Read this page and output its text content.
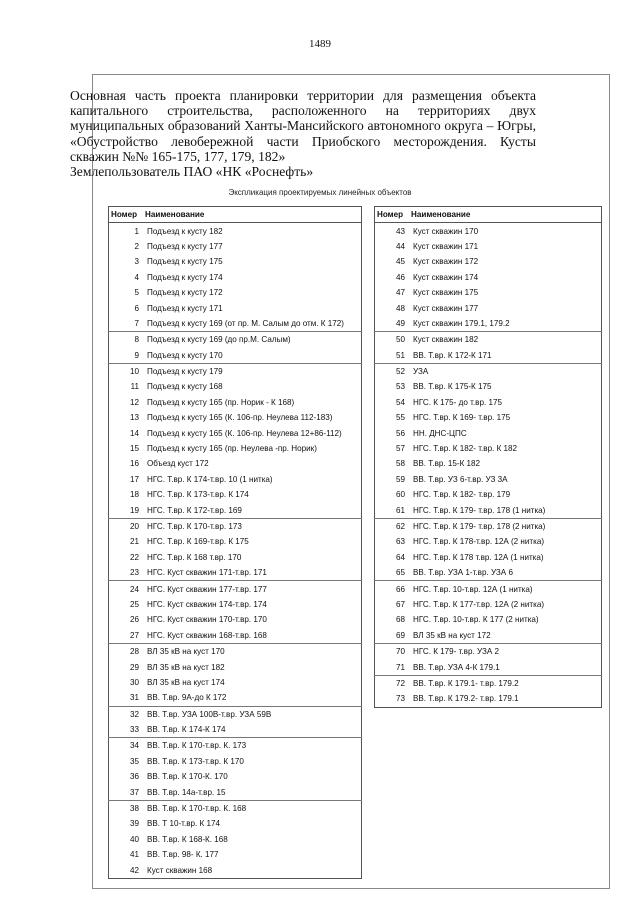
1489
Основная часть проекта планировки территории для размещения объекта
капитального строительства, расположенного на территориях двух
муниципальных образований Ханты-Мансийского автономного округа – Югры,
«Обустройство левобережной части Приобского месторождения. Кусты
скважин №№ 165-175, 177, 179, 182»
Землепользователь ПАО «НК «Роснефть»
Экспликация проектируемых линейных объектов
Номер	Наименование
1	Подъезд к кусту 182
2	Подъезд к кусту 177
3	Подъезд к кусту 175
4	Подъезд к кусту 174
5	Подъезд к кусту 172
6	Подъезд к кусту 171
7	Подъезд к кусту 169 (от пр. М. Салым до отм. К 172)
8	Подъезд к кусту 169 (до пр.М. Салым)
9	Подъезд к кусту 170
10	Подъезд к кусту 179
11	Подъезд к кусту 168
12	Подъезд к кусту 165 (пр. Норик - К 168)
13	Подъезд к кусту 165 (К. 106-пр. Неулева 112-183)
14	Подъезд к кусту 165 (К. 106-пр. Неулева 12+86-112)
15	Подъезд к кусту 165 (пр. Неулева -пр. Норик)
16	Объезд куст 172
17	НГС. Т.вр. К 174-т.вр. 10 (1 нитка)
18	НГС. Т.вр. К 173-т.вр. К 174
19	НГС. Т.вр. К 172-т.вр. 169
20	НГС. Т.вр. К 170-т.вр. 173
21	НГС. Т.вр. К 169-т.вр. К 175
22	НГС. Т.вр. К 168 т.вр. 170
23	НГС. Куст скважин 171-т.вр. 171
24	НГС. Куст скважин 177-т.вр. 177
25	НГС. Куст скважин 174-т.вр. 174
26	НГС. Куст скважин 170-т.вр. 170
27	НГС. Куст скважин 168-т.вр. 168
28	ВЛ 35 кВ на куст 170
29	ВЛ 35 кВ на куст 182
30	ВЛ 35 кВ на куст 174
31	ВВ. Т.вр. 9А-до К 172
32	ВВ. Т.вр. УЗА 100В-т.вр. УЗА 59В
33	ВВ. Т.вр. К 174-К 174
34	ВВ. Т.вр. К 170-т.вр. К. 173
35	ВВ. Т.вр. К 173-т.вр. К 170
36	ВВ. Т.вр. К 170-К. 170
37	ВВ. Т.вр. 14а-т.вр. 15
38	ВВ. Т.вр. К 170-т.вр. К. 168
39	ВВ. Т 10-т.вр. К 174
40	ВВ. Т.вр. К 168-К. 168
41	ВВ. Т.вр. 98- К. 177
42	Куст скважин 168
Номер	Наименование
43	Куст скважин 170
44	Куст скважин 171
45	Куст скважин 172
46	Куст скважин 174
47	Куст скважин 175
48	Куст скважин 177
49	Куст скважин 179.1, 179.2
50	Куст скважин 182
51	ВВ. Т.вр. К 172-К 171
52	УЗА
53	ВВ. Т.вр. К 175-К 175
54	НГС. К 175- до т.вр. 175
55	НГС. Т.вр. К 169- т.вр. 175
56	НН. ДНС-ЦПС
57	НГС. Т.вр. К 182- т.вр. К 182
58	ВВ. Т.вр. 15-К 182
59	ВВ. Т.вр. УЗ 6-т.вр. УЗ 3А
60	НГС. Т.вр. К 182- т.вр. 179
61	НГС. Т.вр. К 179- т.вр. 178 (1 нитка)
62	НГС. Т.вр. К 179- т.вр. 178 (2 нитка)
63	НГС. Т.вр. К 178-т.вр. 12А (2 нитка)
64	НГС. Т.вр. К 178 т.вр. 12А (1 нитка)
65	ВВ. Т.вр. УЗА 1-т.вр. УЗА 6
66	НГС. Т.вр. 10-т.вр. 12А (1 нитка)
67	НГС. Т.вр. К 177-т.вр. 12А (2 нитка)
68	НГС. Т.вр. 10-т.вр. К 177 (2 нитка)
69	ВЛ 35 кВ на куст 172
70	НГС. К 179- т.вр. УЗА 2
71	ВВ. Т.вр. УЗА 4-К 179.1
72	ВВ. Т.вр. К 179.1- т.вр. 179.2
73	ВВ. Т.вр. К 179.2- т.вр. 179.1
